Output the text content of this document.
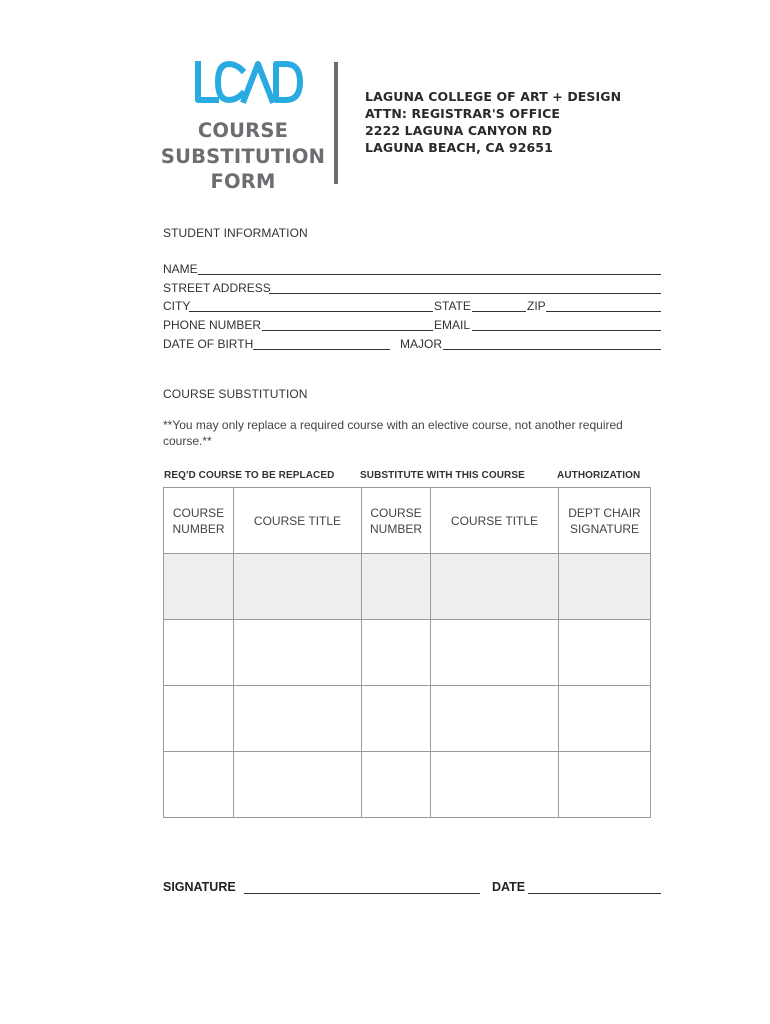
COURSE
SUBSTITUTION
FORM
LAGUNA COLLEGE OF ART + DESIGN
ATTN: REGISTRAR'S OFFICE
2222 LAGUNA CANYON RD
LAGUNA BEACH, CA 92651
STUDENT INFORMATION
NAME
STREET ADDRESS
CITY	STATE	ZIP
PHONE NUMBER	EMAIL
DATE OF BIRTH	MAJOR
COURSE SUBSTITUTION
**You may only replace a required course with an elective course, not another required course.**
REQ'D COURSE TO BE REPLACED	SUBSTITUTE WITH THIS COURSE	AUTHORIZATION
COURSE NUMBER	COURSE TITLE	COURSE NUMBER	COURSE TITLE	DEPT CHAIR SIGNATURE

SIGNATURE	DATE
